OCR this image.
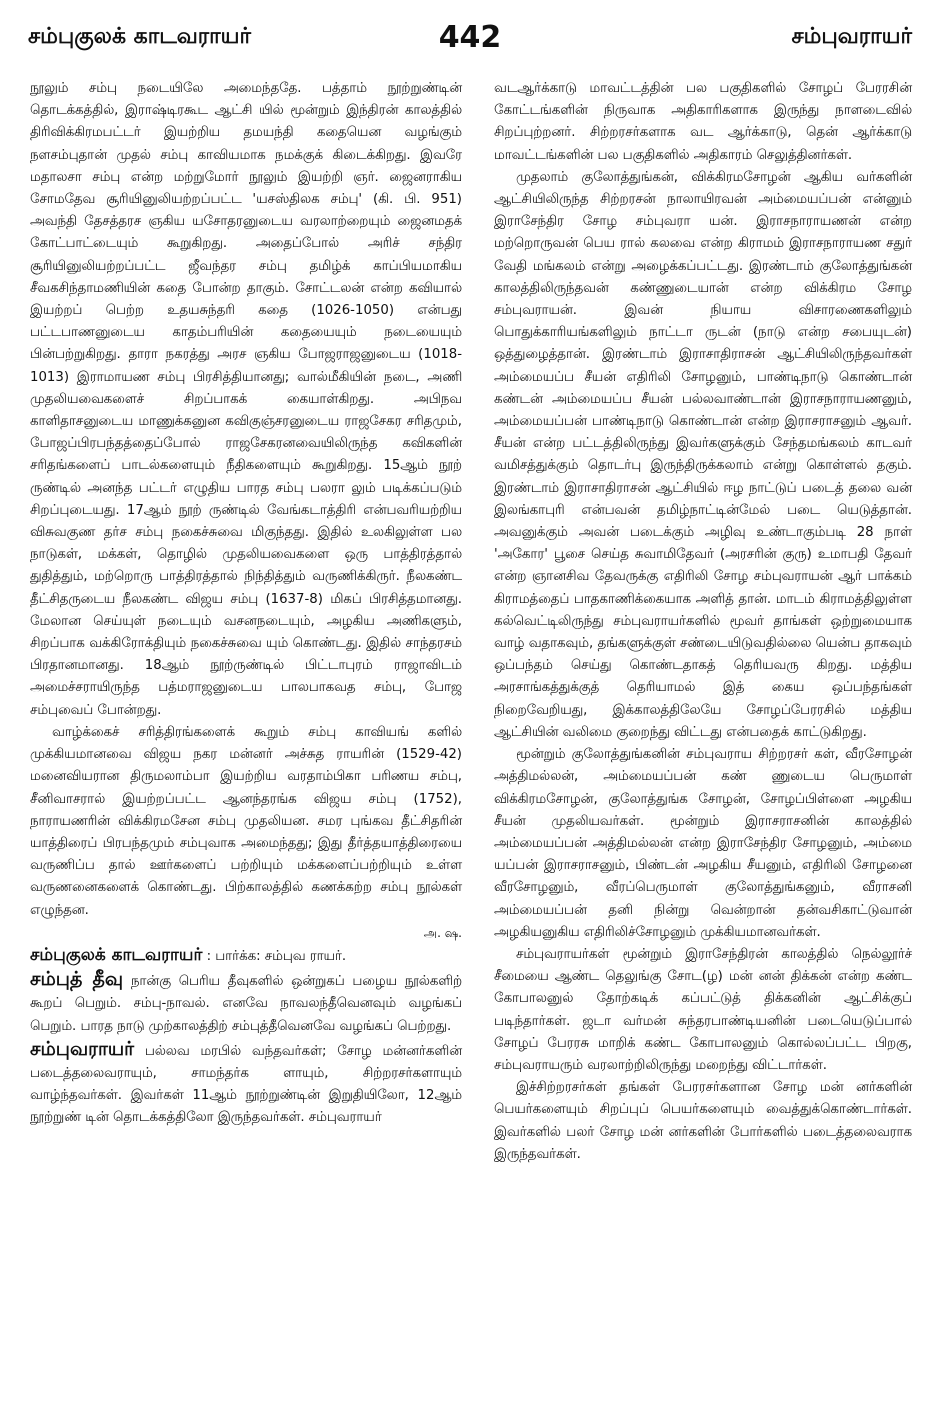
சம்புகுலக் காடவராயர்	442	சம்புவராயர்

நூலும் சம்பு நடையிலே அமைந்ததே. பத்தாம் நூற்றுண்டின் தொடக்கத்தில், இராஷ்டிரகூட ஆட்சி யில் மூன்றும் இந்திரன் காலத்தில் திரிவிக்கிரமபட்டர் இயற்றிய தமயந்தி கதையென வழங்கும் நளசம்புதான் முதல் சம்பு காவியமாக நமக்குக் கிடைக்கிறது. இவரே மதாலசா சம்பு என்ற மற்றுமோர் நூலும் இயற்றி ஞர். ஜைனராகிய சோமதேவ சூரியினுலியற்றப்பட்ட 'யசஸ்திலக சம்பு' (கி. பி. 951) அவந்தி தேசத்தரச ஞகிய யசோதரனுடைய வரலாற்றையும் ஜைனமதக் கோட்பாட்டையும் கூறுகிறது. அதைப்போல் அரிச் சந்திர சூரியினுலியற்றப்பட்ட ஜீவந்தர சம்பு தமிழ்க் காப்பியமாகிய சீவகசிந்தாமணியின் கதை போன்ற தாகும். சோட்டலன் என்ற கவியால் இயற்றப் பெற்ற உதயசுந்தரி கதை (1026-1050) என்பது பட்டபாணனுடைய காதம்பரியின் கதையையும் நடையையும் பின்பற்றுகிறது. தாரா நகரத்து அரச ஞகிய போஜராஜனுடைய (1018-1013) இராமாயண சம்பு பிரசித்தியானது; வால்மீகியின் நடை, அணி முதலியவைகளைச் சிறப்பாகக் கையாள்கிறது. அபிநவ காளிதாசனுடைய மாணுக்கனுன கவிகுஞ்சரனுடைய ராஜசேகர சரிதமும், போஜப்பிரபந்தத்தைப்போல் ராஜசேகரனவையிலிருந்த கவிகளின் சரிதங்களைப் பாடல்களையும் நீதிகளையும் கூறுகிறது. 15ஆம் நூற் ருண்டில் அனந்த பட்டர் எழுதிய பாரத சம்பு பலரா லும் படிக்கப்படும் சிறப்புடையது. 17ஆம் நூற் ருண்டில் வேங்கடாத்திரி என்பவரியற்றிய விசுவகுண தர்ச சம்பு நகைச்சுவை மிகுந்தது. இதில் உலகிலுள்ள பல நாடுகள், மக்கள், தொழில் முதலியவைகளை ஒரு பாத்திரத்தால் துதித்தும், மற்றொரு பாத்திரத்தால் நிந்தித்தும் வருணிக்கிருர். நீலகண்ட தீட்சிதருடைய நீலகண்ட விஜய சம்பு (1637-8) மிகப் பிரசித்தமானது. மேலான செய்யுள் நடையும் வசனநடையும், அழகிய அணிகளும், சிறப்பாக வக்கிரோக்தியும் நகைச்சுவை யும் கொண்டது. இதில் சாந்தரசம் பிரதானமானது. 18ஆம் நூற்ருண்டில் பிட்டாபுரம் ராஜாவிடம் அமைச்சராயிருந்த பத்மராஜனுடைய பாலபாகவத சம்பு, போஜ சம்புவைப் போன்றது.

வாழ்க்கைச் சரித்திரங்களைக் கூறும் சம்பு காவியங் களில் முக்கியமானவை விஜய நகர மன்னர் அச்சுத ராயரின் (1529-42) மனைவியரான திருமலாம்பா இயற்றிய வரதாம்பிகா பரிணய சம்பு, சீனிவாசரால் இயற்றப்பட்ட ஆனந்தரங்க விஜய சம்பு (1752), நாராயணரின் விக்கிரமசேன சம்பு முதலியன. சமர புங்கவ தீட்சிதரின் யாத்திரைப் பிரபந்தமும் சம்புவாக அமைந்தது; இது தீர்த்தயாத்திரையை வருணிப்ப தால் ஊர்களைப் பற்றியும் மக்களைப்பற்றியும் உள்ள வருணனைகளைக் கொண்டது. பிற்காலத்தில் கணக்கற்ற சம்பு நூல்கள் எழுந்தன.

அ. ஷ.

சம்புகுலக் காடவராயர் : பார்க்க: சம்புவ ராயர்.

சம்புத் தீவு நான்கு பெரிய தீவுகளில் ஒன்றுகப் பழைய நூல்களிற் கூறப் பெறும். சம்பு-நாவல். எனவே நாவலந்தீவெனவும் வழங்கப் பெறும். பாரத நாடு முற்காலத்திற் சம்புத்தீவெனவே வழங்கப் பெற்றது.

சம்புவராயர் பல்லவ மரபில் வந்தவர்கள்; சோழ மன்னர்களின் படைத்தலைவராயும், சாமந்தர்க ளாயும், சிற்றரசர்களாயும் வாழ்ந்தவர்கள். இவர்கள் 11ஆம் நூற்றுண்டின் இறுதியிலோ, 12ஆம் நூற்றுண் டின் தொடக்கத்திலோ இருந்தவர்கள். சம்புவராயர்

வடஆர்க்காடு மாவட்டத்தின் பல பகுதிகளில் சோழப் பேரரசின் கோட்டங்களின் நிருவாக அதிகாரிகளாக இருந்து நாளடைவில் சிறப்புற்றனர். சிற்றரசர்களாக வட ஆர்க்காடு, தென் ஆர்க்காடு மாவட்டங்களின் பல பகுதிகளில் அதிகாரம் செலுத்தினர்கள்.

முதலாம் குலோத்துங்கன், விக்கிரமசோழன் ஆகிய வர்களின் ஆட்சியிலிருந்த சிற்றரசன் நாலாயிரவன் அம்மையப்பன் என்னும் இராசேந்திர சோழ சம்புவரா யன். இராசநாராயணன் என்ற மற்றொருவன் பெய ரால் கலவை என்ற கிராமம் இராசநாராயண சதுர் வேதி மங்கலம் என்று அழைக்கப்பட்டது. இரண்டாம் குலோத்துங்கன் காலத்திலிருந்தவன் கண்ணுடையான் என்ற விக்கிரம சோழ சம்புவராயன். இவன் நியாய விசாரணைகளிலும் பொதுக்காரியங்களிலும் நாட்டா ருடன் (நாடு என்ற சபையுடன்) ஒத்துழைத்தான். இரண்டாம் இராசாதிராசன் ஆட்சியிலிருந்தவர்கள் அம்மையப்ப சீயன் எதிரிலி சோழனும், பாண்டிநாடு கொண்டான் கண்டன் அம்மையப்ப சீயன் பல்லவாண்டான் இராசநாராயணனும், அம்மையப்பன் பாண்டிநாடு கொண்டான் என்ற இராசராசனும் ஆவர். சீயன் என்ற பட்டத்திலிருந்து இவர்களுக்கும் சேந்தமங்கலம் காடவர் வமிசத்துக்கும் தொடர்பு இருந்திருக்கலாம் என்று கொள்ளல் தகும். இரண்டாம் இராசாதிராசன் ஆட்சியில் ஈழ நாட்டுப் படைத் தலை வன் இலங்காபுரி என்பவன் தமிழ்நாட்டின்மேல் படை யெடுத்தான். அவனுக்கும் அவன் படைக்கும் அழிவு உண்டாகும்படி 28 நாள் 'அகோர' பூசை செய்த சுவாமிதேவர் (அரசரின் குரு) உமாபதி தேவர் என்ற ஞானசிவ தேவருக்கு எதிரிலி சோழ சம்புவராயன் ஆர் பாக்கம் கிராமத்தைப் பாதகாணிக்கையாக அளித் தான். மாடம் கிராமத்திலுள்ள கல்வெட்டிலிருந்து சம்புவராயர்களில் மூவர் தாங்கள் ஒற்றுமையாக வாழ் வதாகவும், தங்களுக்குள் சண்டையிடுவதில்லை யென்ப தாகவும் ஒப்பந்தம் செய்து கொண்டதாகத் தெரியவரு கிறது. மத்திய அரசாங்கத்துக்குத் தெரியாமல் இத் கைய ஒப்பந்தங்கள் நிறைவேறியது, இக்காலத்திலேயே சோழப்பேரரசில் மத்திய ஆட்சியின் வலிமை குறைந்து விட்டது என்பதைக் காட்டுகிறது.

மூன்றும் குலோத்துங்கனின் சம்புவராய சிற்றரசர் கள், வீரசோழன் அத்திமல்லன், அம்மையப்பன் கண் ணுடைய பெருமாள் விக்கிரமசோழன், குலோத்துங்க சோழன், சோழப்பிள்ளை அழகிய சீயன் முதலியவர்கள். மூன்றும் இராசராசனின் காலத்தில் அம்மையப்பன் அத்திமல்லன் என்ற இராசேந்திர சோழனும், அம்மை யப்பன் இராசராசனும், பிண்டன் அழகிய சீயனும், எதிரிலி சோழனை வீரசோழனும், வீரப்பெருமாள் குலோத்துங்கனும், வீராசனி அம்மையப்பன் தனி நின்று வென்றான் தன்வசிகாட்டுவான் அழகியனுகிய எதிரிலிச்சோழனும் முக்கியமானவர்கள்.

சம்புவராயர்கள் மூன்றும் இராசேந்திரன் காலத்தில் நெல்லூர்ச் சீமையை ஆண்ட தெலுங்கு சோட(ழ) மன் னன் திக்கன் என்ற கண்ட கோபாலனுல் தோற்கடிக் கப்பட்டுத் திக்கனின் ஆட்சிக்குப் படிந்தார்கள். ஜடா வர்மன் சுந்தரபாண்டியனின் படையெடுப்பால் சோழப் பேரரசு மாறிக் கண்ட கோபாலனும் கொல்லப்பட்ட பிறகு, சம்புவராயரும் வரலாற்றிலிருந்து மறைந்து விட்டார்கள்.

இச்சிற்றரசர்கள் தங்கள் பேரரசர்களான சோழ மன் னர்களின் பெயர்களையும் சிறப்புப் பெயர்களையும் வைத்துக்கொண்டார்கள். இவர்களில் பலர் சோழ மன் னர்களின் போர்களில் படைத்தலைவராக இருந்தவர்கள்.
